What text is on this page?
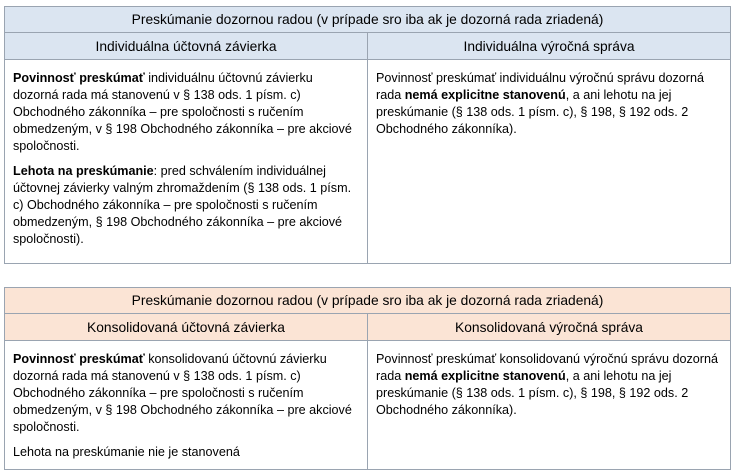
Preskúmanie dozornou radou (v prípade sro iba ak je dozorná rada zriadená)	
Individuálna účtovná závierka	Individuálna výročná správa

Povinnosť preskúmať individuálnu účtovnú závierku dozorná rada má stanovenú v § 138 ods. 1 písm. c) Obchodného zákonníka – pre spoločnosti s ručením obmedzeným, v § 198 Obchodného zákonníka – pre akciové spoločnosti.

Lehota na preskúmanie: pred schválením individuálnej účtovnej závierky valným zhromaždením (§ 138 ods. 1 písm. c) Obchodného zákonníka – pre spoločnosti s ručením obmedzeným, § 198 Obchodného zákonníka – pre akciové spoločnosti).	Povinnosť preskúmať individuálnu výročnú správu dozorná rada nemá explicitne stanovenú, a ani lehotu na jej preskúmanie (§ 138 ods. 1 písm. c), § 198, § 192 ods. 2 Obchodného zákonníka).

Preskúmanie dozornou radou (v prípade sro iba ak je dozorná rada zriadená)	
Konsolidovaná účtovná závierka	Konsolidovaná výročná správa

Povinnosť preskúmať konsolidovanú účtovnú závierku dozorná rada má stanovenú v § 138 ods. 1 písm. c) Obchodného zákonníka – pre spoločnosti s ručením obmedzeným, v § 198 Obchodného zákonníka – pre akciové spoločnosti.

Lehota na preskúmanie nie je stanovená	Povinnosť preskúmať konsolidovanú výročnú správu dozorná rada nemá explicitne stanovenú, a ani lehotu na jej preskúmanie (§ 138 ods. 1 písm. c), § 198, § 192 ods. 2 Obchodného zákonníka).
